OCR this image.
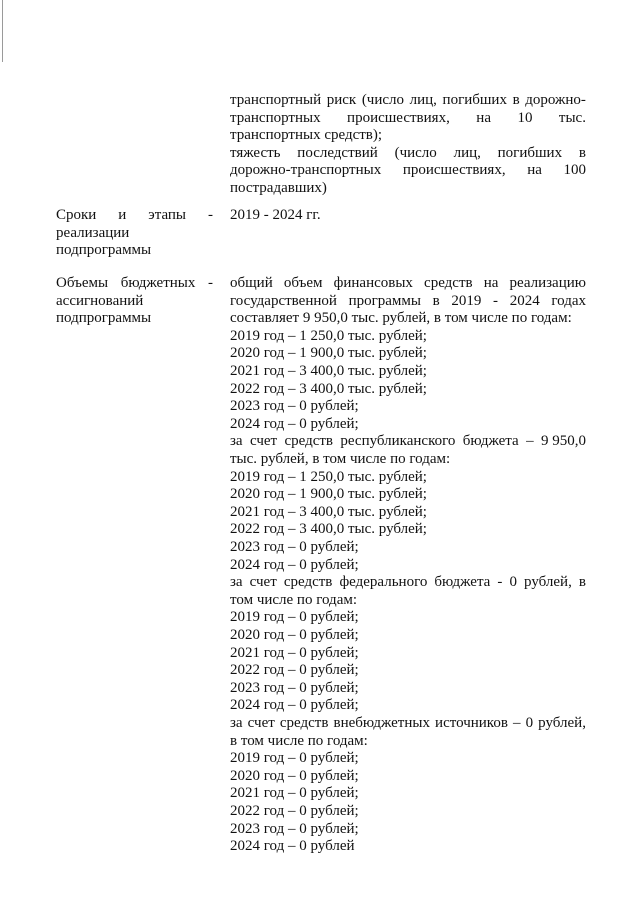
транспортный риск (число лиц, погибших в дорожно-
транспортных происшествиях, на 10 тыс.
транспортных средств);
тяжесть последствий (число лиц, погибших в
дорожно-транспортных происшествиях, на 100
пострадавших)
Сроки и этапы -
реализации
подпрограммы
2019 - 2024 гг.
Объемы бюджетных -
ассигнований
подпрограммы
общий объем финансовых средств на реализацию
государственной программы в 2019 - 2024 годах
составляет 9 950,0 тыс. рублей, в том числе по годам:
2019 год – 1 250,0 тыс. рублей;
2020 год – 1 900,0 тыс. рублей;
2021 год – 3 400,0 тыс. рублей;
2022 год – 3 400,0 тыс. рублей;
2023 год – 0 рублей;
2024 год – 0 рублей;
за счет средств республиканского бюджета – 9 950,0
тыс. рублей, в том числе по годам:
2019 год – 1 250,0 тыс. рублей;
2020 год – 1 900,0 тыс. рублей;
2021 год – 3 400,0 тыс. рублей;
2022 год – 3 400,0 тыс. рублей;
2023 год – 0 рублей;
2024 год – 0 рублей;
за счет средств федерального бюджета - 0 рублей, в
том числе по годам:
2019 год – 0 рублей;
2020 год – 0 рублей;
2021 год – 0 рублей;
2022 год – 0 рублей;
2023 год – 0 рублей;
2024 год – 0 рублей;
за счет средств внебюджетных источников – 0 рублей,
в том числе по годам:
2019 год – 0 рублей;
2020 год – 0 рублей;
2021 год – 0 рублей;
2022 год – 0 рублей;
2023 год – 0 рублей;
2024 год – 0 рублей
